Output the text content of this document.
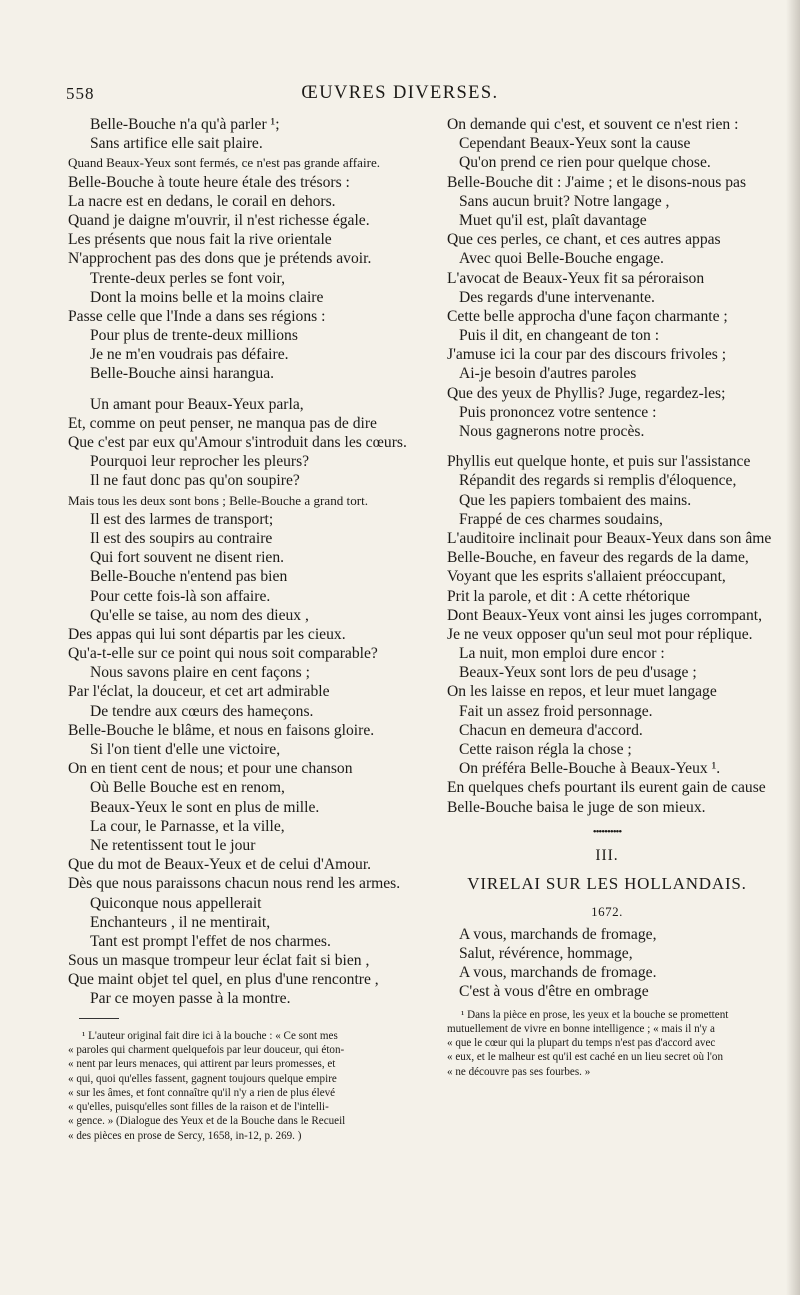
558	ŒUVRES DIVERSES.
Belle-Bouche n'a qu'à parler ¹;
Sans artifice elle sait plaire.
Quand Beaux-Yeux sont fermés, ce n'est pas grande affaire.
Belle-Bouche à toute heure étale des trésors :
La nacre est en dedans, le corail en dehors.
Quand je daigne m'ouvrir, il n'est richesse égale.
Les présents que nous fait la rive orientale
N'approchent pas des dons que je prétends avoir.
Trente-deux perles se font voir,
Dont la moins belle et la moins claire
Passe celle que l'Inde a dans ses régions :
Pour plus de trente-deux millions
Je ne m'en voudrais pas défaire.
Belle-Bouche ainsi harangua.
Un amant pour Beaux-Yeux parla,
Et, comme on peut penser, ne manqua pas de dire
Que c'est par eux qu'Amour s'introduit dans les cœurs.
Pourquoi leur reprocher les pleurs?
Il ne faut donc pas qu'on soupire?
Mais tous les deux sont bons ; Belle-Bouche a grand tort.
Il est des larmes de transport;
Il est des soupirs au contraire
Qui fort souvent ne disent rien.
Belle-Bouche n'entend pas bien
Pour cette fois-là son affaire.
Qu'elle se taise, au nom des dieux ,
Des appas qui lui sont départis par les cieux.
Qu'a-t-elle sur ce point qui nous soit comparable?
Nous savons plaire en cent façons ;
Par l'éclat, la douceur, et cet art admirable
De tendre aux cœurs des hameçons.
Belle-Bouche le blâme, et nous en faisons gloire.
Si l'on tient d'elle une victoire,
On en tient cent de nous; et pour une chanson
Où Belle Bouche est en renom,
Beaux-Yeux le sont en plus de mille.
La cour, le Parnasse, et la ville,
Ne retentissent tout le jour
Que du mot de Beaux-Yeux et de celui d'Amour.
Dès que nous paraissons chacun nous rend les armes.
Quiconque nous appellerait
Enchanteurs , il ne mentirait,
Tant est prompt l'effet de nos charmes.
Sous un masque trompeur leur éclat fait si bien ,
Que maint objet tel quel, en plus d'une rencontre ,
Par ce moyen passe à la montre.
¹ L'auteur original fait dire ici à la bouche : « Ce sont mes
« paroles qui charment quelquefois par leur douceur, qui éton-
« nent par leurs menaces, qui attirent par leurs promesses, et
« qui, quoi qu'elles fassent, gagnent toujours quelque empire
« sur les âmes, et font connaître qu'il n'y a rien de plus élevé
« qu'elles, puisqu'elles sont filles de la raison et de l'intelli-
« gence. » (Dialogue des Yeux et de la Bouche dans le Recueil
« des pièces en prose de Sercy, 1658, in-12, p. 269. )
On demande qui c'est, et souvent ce n'est rien :
Cependant Beaux-Yeux sont la cause
Qu'on prend ce rien pour quelque chose.
Belle-Bouche dit : J'aime ; et le disons-nous pas
Sans aucun bruit? Notre langage ,
Muet qu'il est, plaît davantage
Que ces perles, ce chant, et ces autres appas
Avec quoi Belle-Bouche engage.
L'avocat de Beaux-Yeux fit sa péroraison
Des regards d'une intervenante.
Cette belle approcha d'une façon charmante ;
Puis il dit, en changeant de ton :
J'amuse ici la cour par des discours frivoles ;
Ai-je besoin d'autres paroles
Que des yeux de Phyllis? Juge, regardez-les;
Puis prononcez votre sentence :
Nous gagnerons notre procès.
Phyllis eut quelque honte, et puis sur l'assistance
Répandit des regards si remplis d'éloquence,
Que les papiers tombaient des mains.
Frappé de ces charmes soudains,
L'auditoire inclinait pour Beaux-Yeux dans son âme
Belle-Bouche, en faveur des regards de la dame,
Voyant que les esprits s'allaient préoccupant,
Prit la parole, et dit : A cette rhétorique
Dont Beaux-Yeux vont ainsi les juges corrompant,
Je ne veux opposer qu'un seul mot pour réplique.
La nuit, mon emploi dure encor :
Beaux-Yeux sont lors de peu d'usage ;
On les laisse en repos, et leur muet langage
Fait un assez froid personnage.
Chacun en demeura d'accord.
Cette raison régla la chose ;
On préféra Belle-Bouche à Beaux-Yeux ¹.
En quelques chefs pourtant ils eurent gain de cause
Belle-Bouche baisa le juge de son mieux.
••••••••••
III.
VIRELAI SUR LES HOLLANDAIS.
1672.
A vous, marchands de fromage,
Salut, révérence, hommage,
A vous, marchands de fromage.
C'est à vous d'être en ombrage
¹ Dans la pièce en prose, les yeux et la bouche se promettent
mutuellement de vivre en bonne intelligence ; « mais il n'y a
« que le cœur qui la plupart du temps n'est pas d'accord avec
« eux, et le malheur est qu'il est caché en un lieu secret où l'on
« ne découvre pas ses fourbes. »
